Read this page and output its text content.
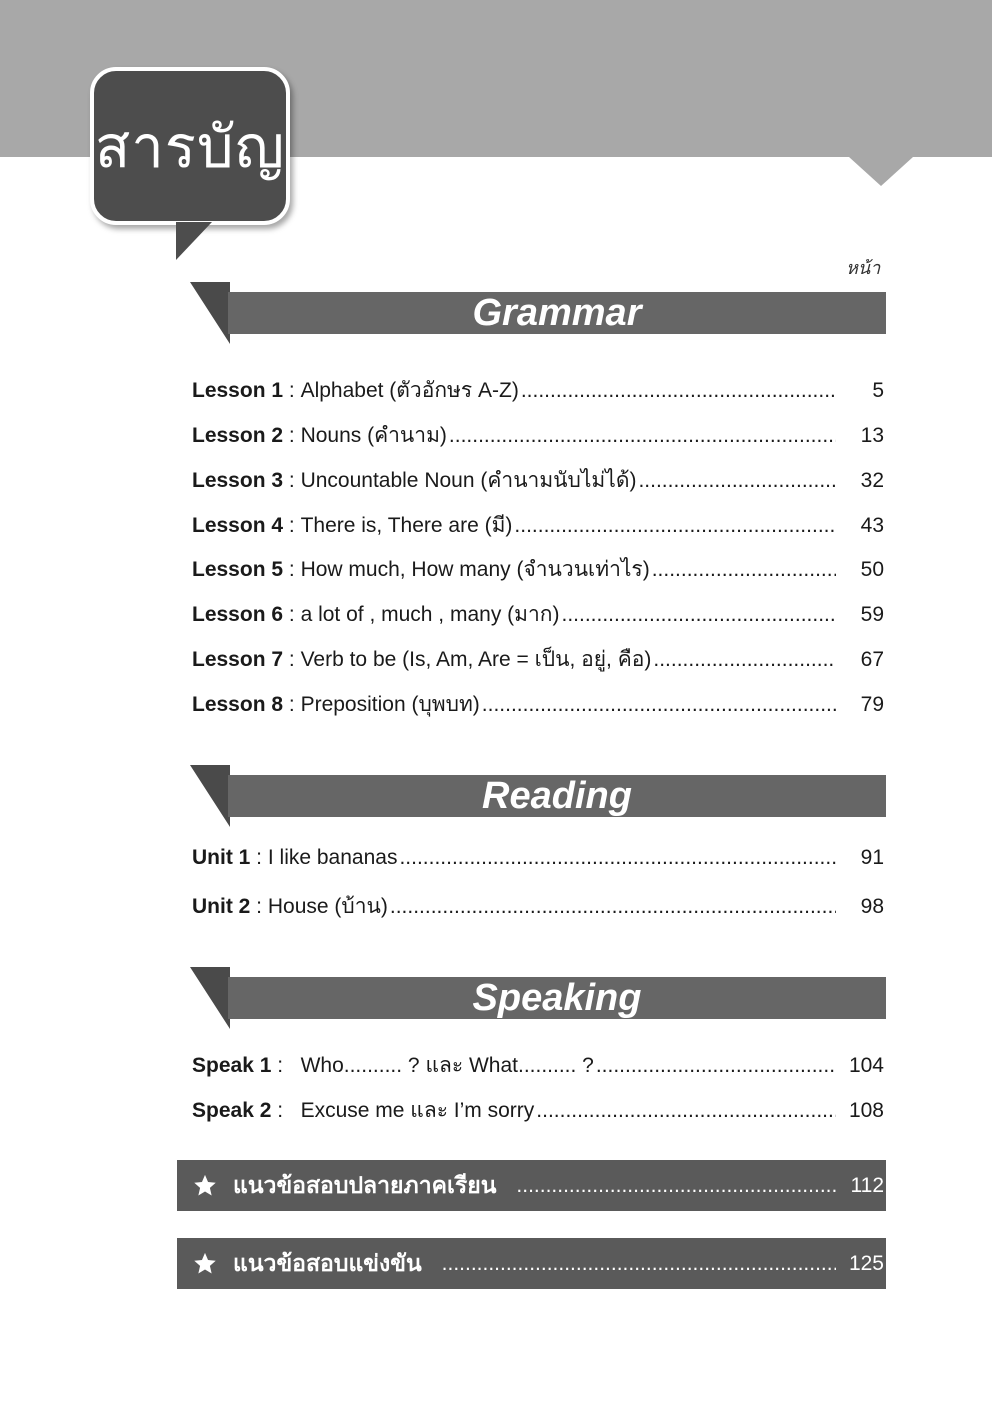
สารบัญ
หน้า
Grammar
Lesson 1 : Alphabet (ตัวอักษร A-Z) .....	5
Lesson 2 : Nouns (คำนาม) .....	13
Lesson 3 : Uncountable Noun (คำนามนับไม่ได้) .....	32
Lesson 4 : There is, There are (มี) .....	43
Lesson 5 : How much, How many (จำนวนเท่าไร) .....	50
Lesson 6 : a lot of , much , many (มาก) .....	59
Lesson 7 : Verb to be (Is, Am, Are = เป็น, อยู่, คือ) .....	67
Lesson 8 : Preposition (บุพบท) .....	79
Reading
Unit 1 : I like bananas .....	91
Unit 2 : House (บ้าน) .....	98
Speaking
Speak 1 : Who.......... ? และ What.......... ? .....	104
Speak 2 : Excuse me และ I’m sorry .....	108
แนวข้อสอบปลายภาคเรียน .....	112
แนวข้อสอบแข่งขัน .....	125
